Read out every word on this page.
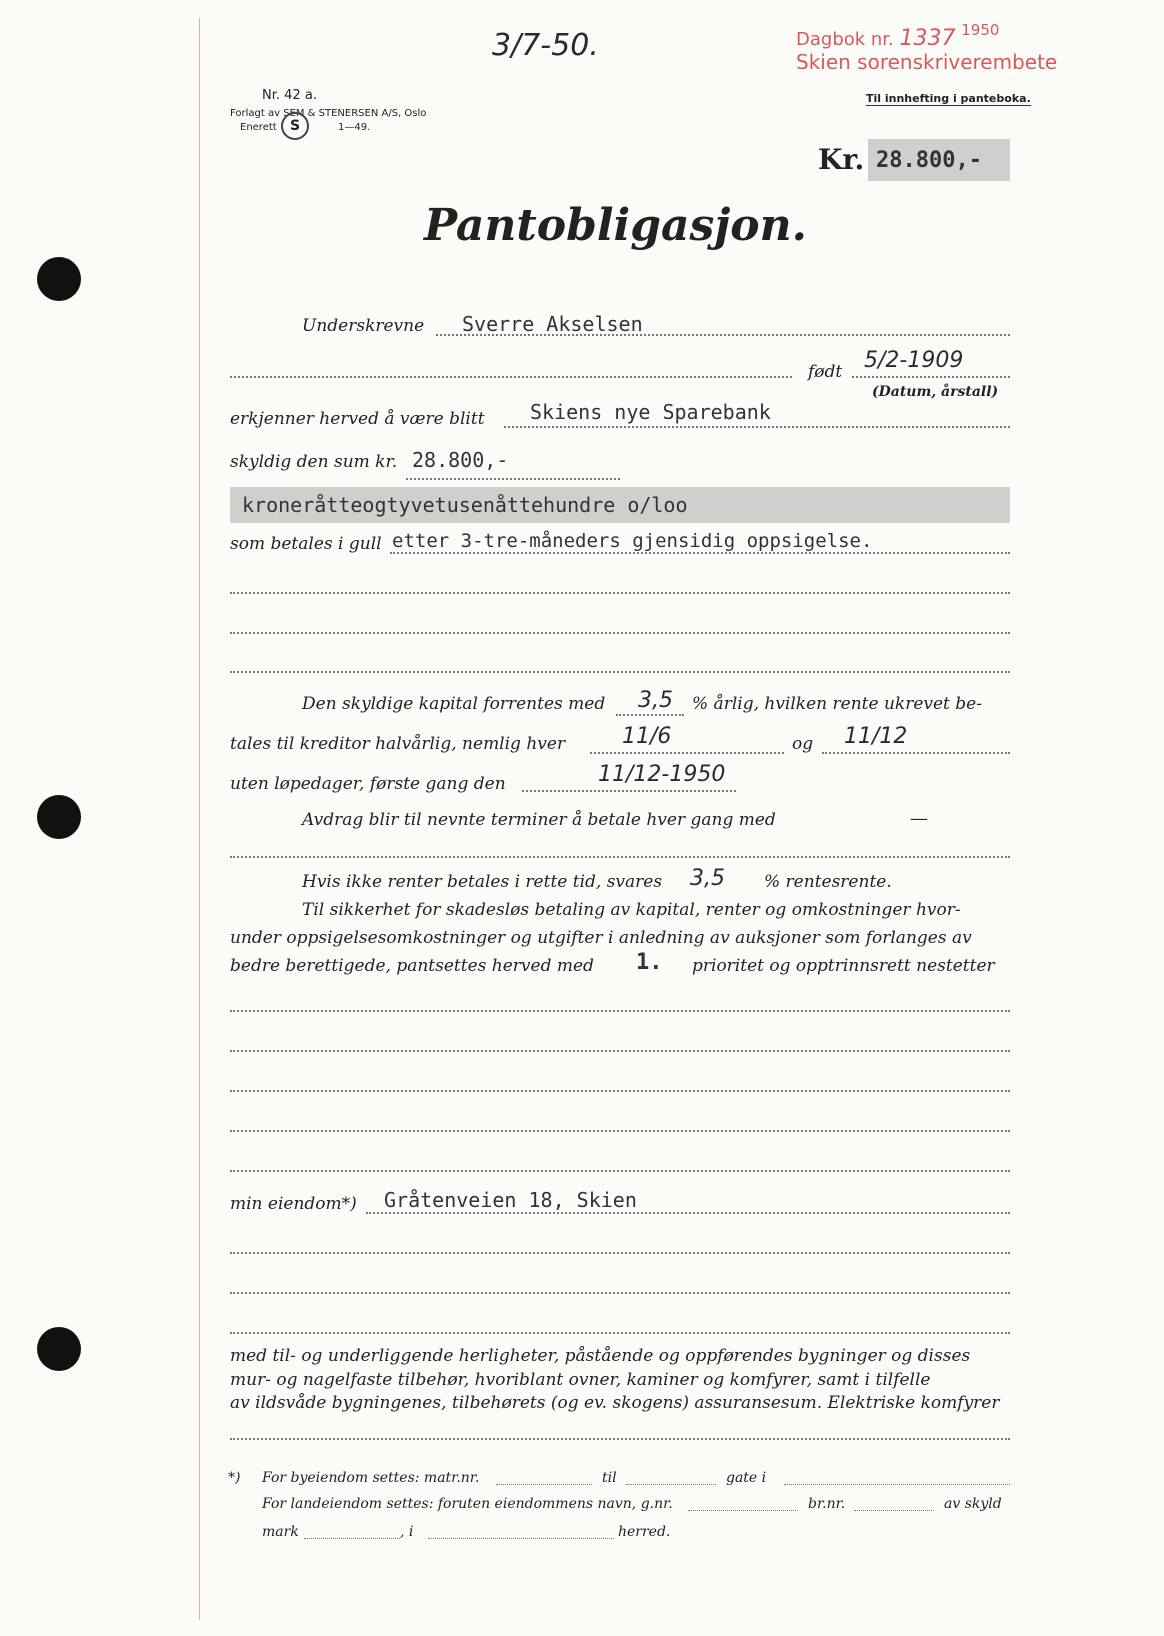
Dagbok nr. 1337 $^{1950}$
Skien sorenskriverembete
3/7-50.
Nr. 42 a.
Forlagt av SEM & STENERSEN A/S, Oslo
Enerett S	1—49.
Til innhefting i panteboka.
Kr. 28.800,-
Pantobligasjon.
Underskrevne Sverre Akselsen
født 5/2-1909
(Datum, årstall)
erkjenner herved å være blitt Skiens nye Sparebank
skyldig den sum kr. 28.800,-
kroneråtteogtyvetusenåttehundre o/loo
som betales i gull etter 3-tre-måneders gjensidig oppsigelse.
Den skyldige kapital forrentes med 3,5 % årlig, hvilken rente ukrevet be-
tales til kreditor halvårlig, nemlig hver	11/6	og 11/12
uten løpedager, første gang den	11/12-1950
Avdrag blir til nevnte terminer å betale hver gang med	—
Hvis ikke renter betales i rette tid, svares 3,5 % rentesrente.
Til sikkerhet for skadesløs betaling av kapital, renter og omkostninger hvor-
under oppsigelsesomkostninger og utgifter i anledning av auksjoner som forlanges av
bedre berettigede, pantsettes herved med 1. prioritet og opptrinnsrett nestetter
min eiendom*) Gråtenveien 18, Skien
med til- og underliggende herligheter, påstående og oppførendes bygninger og disses
mur- og nagelfaste tilbehør, hvoriblant ovner, kaminer og komfyrer, samt i tilfelle
av ildsvåde bygningenes, tilbehørets (og ev. skogens) assuransesum. Elektriske komfyrer
*) For byeiendom settes: matr.nr.	til	gate i
For landeiendom settes: foruten eiendommens navn, g.nr.	br.nr.	av skyld
mark	, i	herred.
